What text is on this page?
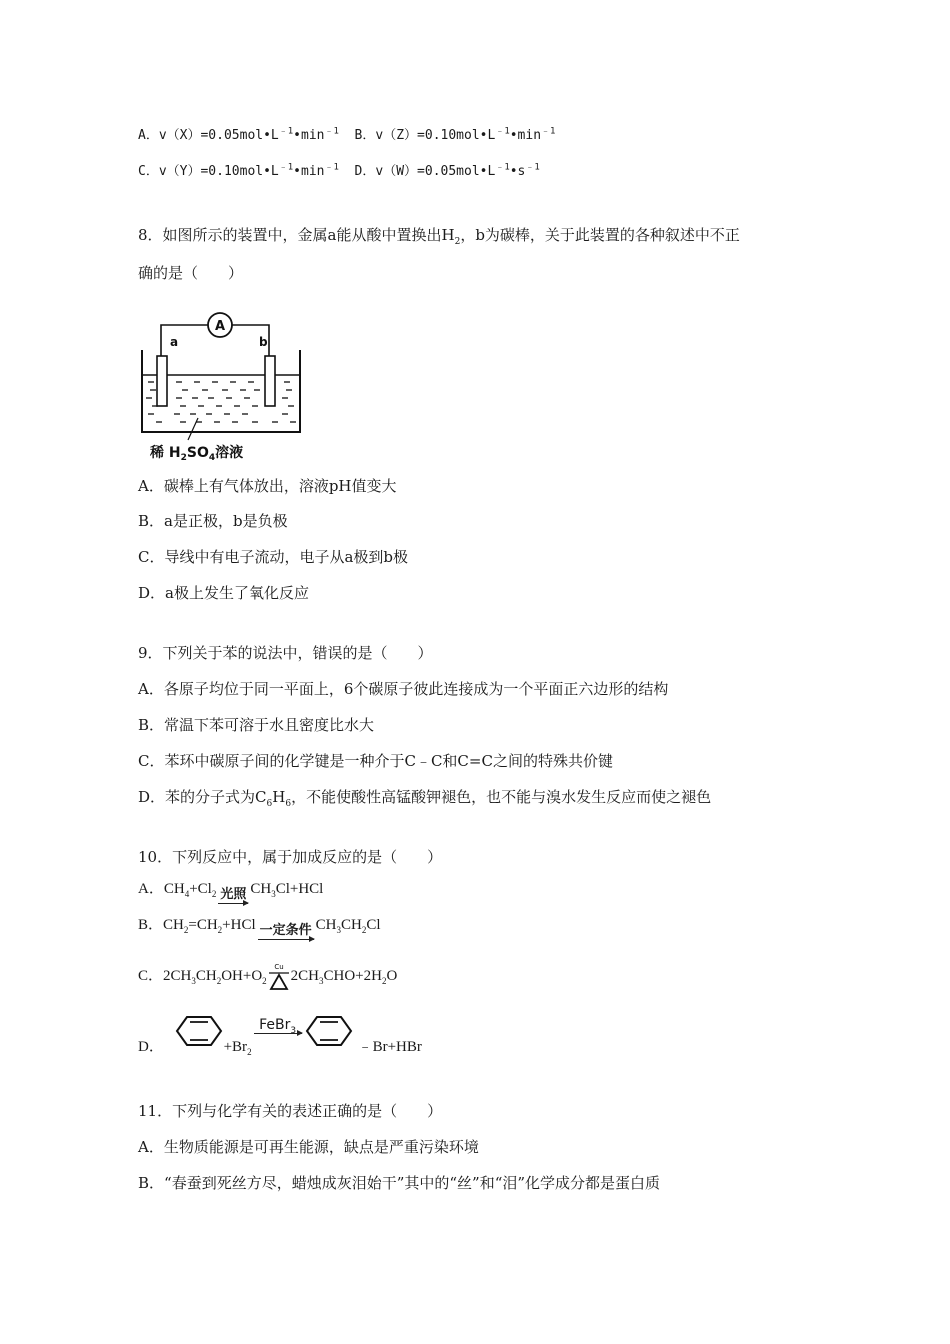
A．$v(X)=0.05mol•L^{﹣1}•\min^{﹣1}$  B．$v(Z)=0.10mol•L^{﹣1}•\min^{﹣1}$
C．$v(Y)=0.10mol•L^{﹣1}•\min^{﹣1}$  D．$v(W)=0.05mol•L^{﹣1}•s^{﹣1}$
8．如图所示的装置中，金属a能从酸中置换出$H_2$，b为碳棒，关于此装置的各种叙述中不正
确的是（　　）
A
a	b
稀 $H_2SO_4$溶液
A．碳棒上有气体放出，溶液pH值变大
B．a是正极，b是负极
C．导线中有电子流动，电子从a极到b极
D．a极上发生了氧化反应
9．下列关于苯的说法中，错误的是（　　）
A．各原子均位于同一平面上，6个碳原子彼此连接成为一个平面正六边形的结构
B．常温下苯可溶于水且密度比水大
C．苯环中碳原子间的化学键是一种介于C﹣C和C=C之间的特殊共价键
D．苯的分子式为$C_6H_6$，不能使酸性高锰酸钾褪色，也不能与溴水发生反应而使之褪色
10．下列反应中，属于加成反应的是（　　）
A．$CH_4+Cl_2$ 光照 $CH_3Cl+HCl$
B．$CH_2=CH_2+HCl$ 一定条件 $CH_3CH_2Cl$
C．$2CH_3CH_2OH+O_2$
Cu
$2CH_3CHO+2H_2O$
D．	$+Br_2$
FeBr$_3$
﹣Br+HBr
11．下列与化学有关的表述正确的是（　　）
A．生物质能源是可再生能源，缺点是严重污染环境
B．“春蚕到死丝方尽，蜡烛成灰泪始干”其中的“丝”和“泪”化学成分都是蛋白质
